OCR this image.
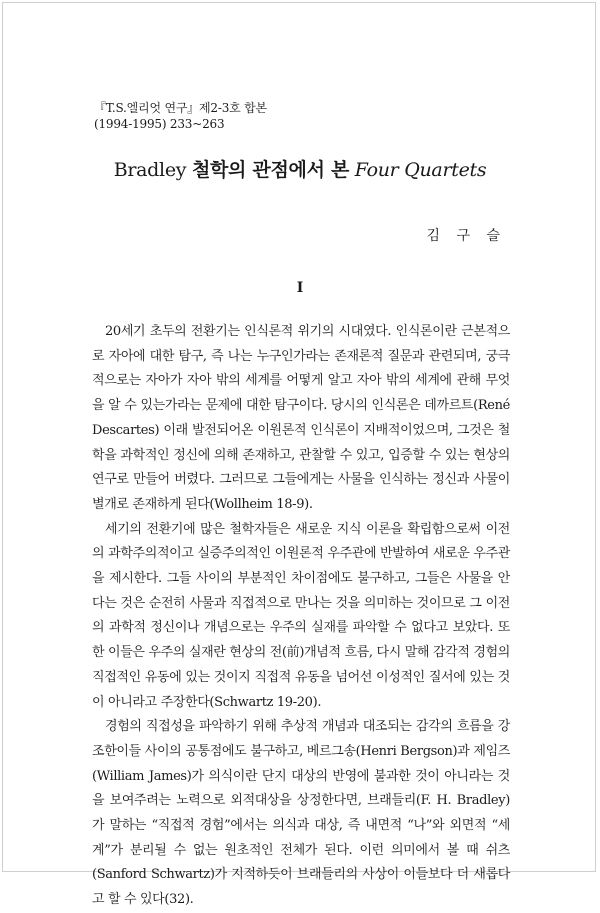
『T.S.엘리엇 연구』제2-3호 합본
(1994-1995) 233~263
Bradley 철학의 관점에서 본 Four Quartets
김 구 슬
I

20세기 초두의 전환기는 인식론적 위기의 시대였다. 인식론이란 근본적으로 자아에 대한 탐구, 즉 나는 누구인가라는 존재론적 질문과 관련되며, 궁극적으로는 자아가 자아 밖의 세계를 어떻게 알고 자아 밖의 세계에 관해 무엇을 알 수 있는가라는 문제에 대한 탐구이다. 당시의 인식론은 데까르트(René Descartes) 이래 발전되어온 이원론적 인식론이 지배적이었으며, 그것은 철학을 과학적인 정신에 의해 존재하고, 관찰할 수 있고, 입증할 수 있는 현상의 연구로 만들어 버렸다. 그러므로 그들에게는 사물을 인식하는 정신과 사물이 별개로 존재하게 된다(Wollheim 18-9).

세기의 전환기에 많은 철학자들은 새로운 지식 이론을 확립함으로써 이전의 과학주의적이고 실증주의적인 이원론적 우주관에 반발하여 새로운 우주관을 제시한다. 그들 사이의 부분적인 차이점에도 불구하고, 그들은 사물을 안다는 것은 순전히 사물과 직접적으로 만나는 것을 의미하는 것이므로 그 이전의 과학적 정신이나 개념으로는 우주의 실재를 파악할 수 없다고 보았다. 또한 이들은 우주의 실재란 현상의 전(前)개념적 흐름, 다시 말해 감각적 경험의 직접적인 유동에 있는 것이지 직접적 유동을 넘어선 이성적인 질서에 있는 것이 아니라고 주장한다(Schwartz 19-20).

경험의 직접성을 파악하기 위해 추상적 개념과 대조되는 감각의 흐름을 강조한이들 사이의 공통점에도 불구하고, 베르그송(Henri Bergson)과 제임즈(William James)가 의식이란 단지 대상의 반영에 불과한 것이 아니라는 것을 보여주려는 노력으로 외적대상을 상정한다면, 브래들리(F. H. Bradley)가 말하는 “직접적 경험”에서는 의식과 대상, 즉 내면적 “나”와 외면적 “세계”가 분리될 수 없는 원초적인 전체가 된다. 이런 의미에서 볼 때 쉬츠(Sanford Schwartz)가 지적하듯이 브래들리의 사상이 이들보다 더 새롭다고 할 수 있다(32).
